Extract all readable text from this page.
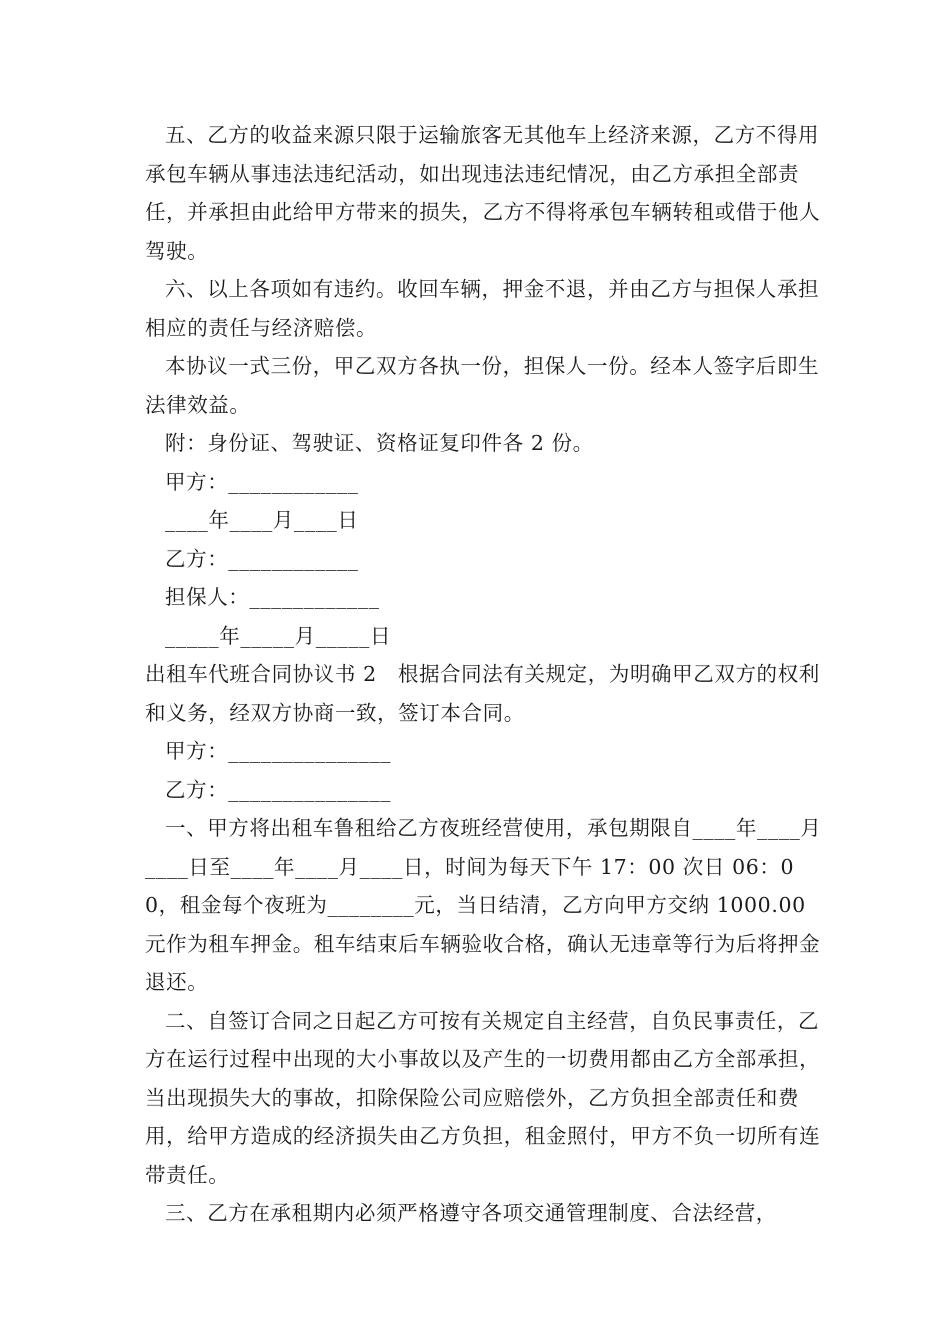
五、乙方的收益来源只限于运输旅客无其他车上经济来源，乙方不得用承包车辆从事违法违纪活动，如出现违法违纪情况，由乙方承担全部责任，并承担由此给甲方带来的损失，乙方不得将承包车辆转租或借于他人驾驶。

六、以上各项如有违约。收回车辆，押金不退，并由乙方与担保人承担相应的责任与经济赔偿。

本协议一式三份，甲乙双方各执一份，担保人一份。经本人签字后即生法律效益。

附：身份证、驾驶证、资格证复印件各 2 份。

甲方：____________

____年____月____日

乙方：____________

担保人：____________

_____年_____月_____日

出租车代班合同协议书 2　根据合同法有关规定，为明确甲乙双方的权利和义务，经双方协商一致，签订本合同。

甲方：_______________

乙方：_______________

一、甲方将出租车鲁租给乙方夜班经营使用，承包期限自____年____月____日至____年____月____日，时间为每天下午 17：00 次日 06：00，租金每个夜班为________元，当日结清，乙方向甲方交纳 1000.00 元作为租车押金。租车结束后车辆验收合格，确认无违章等行为后将押金退还。

二、自签订合同之日起乙方可按有关规定自主经营，自负民事责任，乙方在运行过程中出现的大小事故以及产生的一切费用都由乙方全部承担，当出现损失大的事故，扣除保险公司应赔偿外，乙方负担全部责任和费用，给甲方造成的经济损失由乙方负担，租金照付，甲方不负一切所有连带责任。

三、乙方在承租期内必须严格遵守各项交通管理制度、合法经营，
